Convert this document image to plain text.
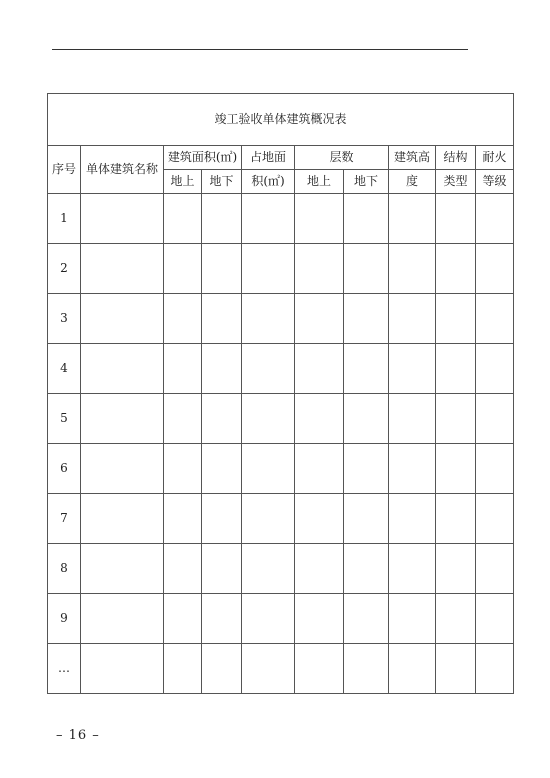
竣工验收单体建筑概况表									
序号	单体建筑名称	建筑面积(㎡)		占地面	层数		建筑高	结构	耐火
		地上	地下	积(㎡)	地上	地下	度	类型	等级
1									
2									
3									
4									
5									
6									
7									
8									
9									
…									
– 16 –
